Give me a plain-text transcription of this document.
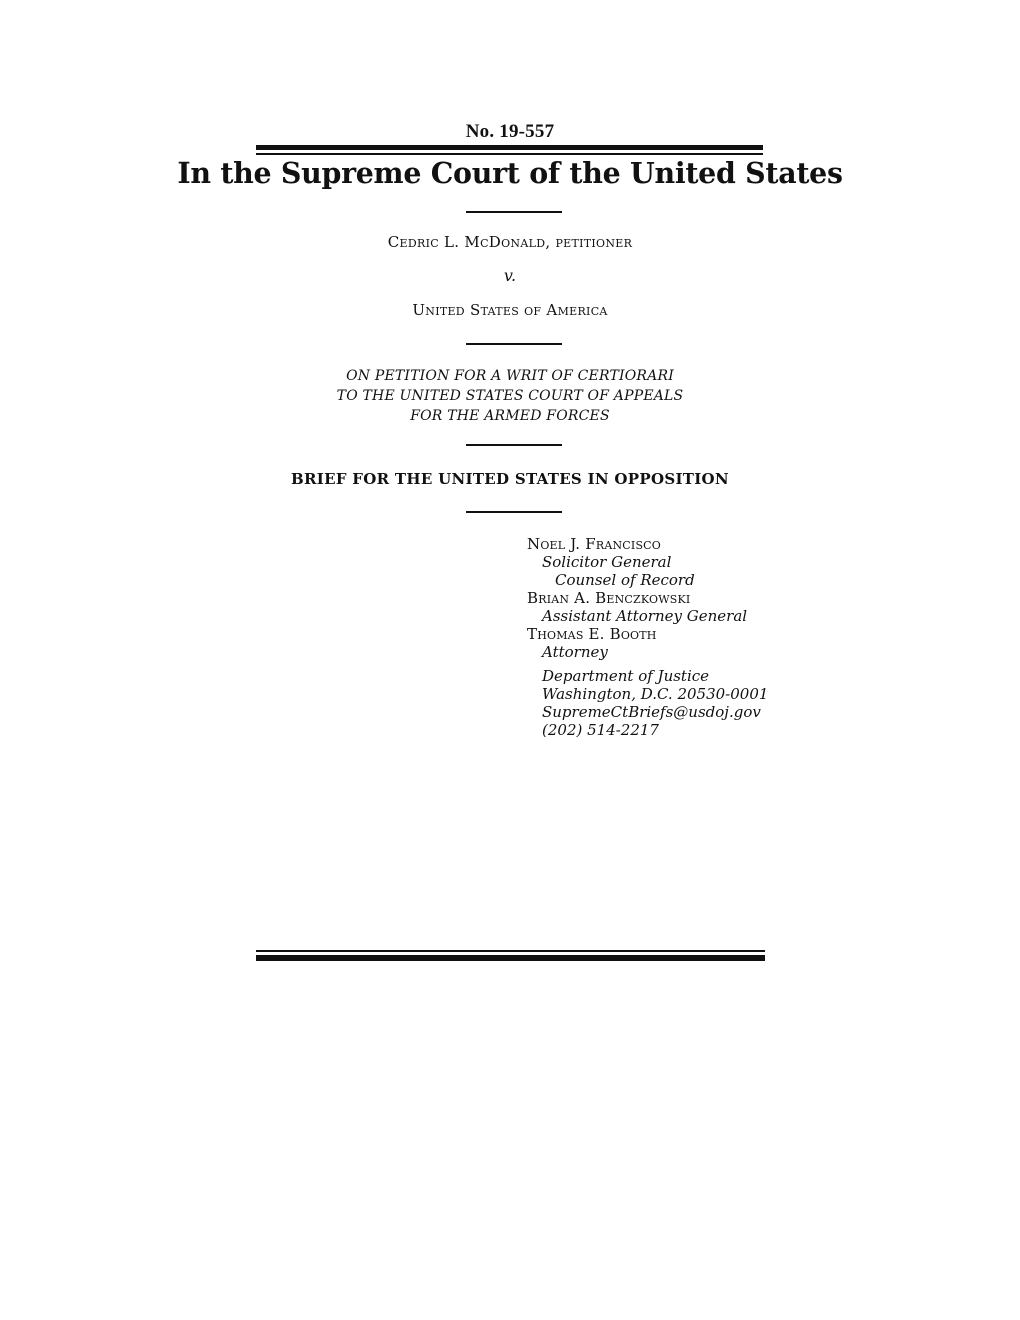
No. 19-557
In the Supreme Court of the United States
Cedric L. McDonald, petitioner
v.
United States of America
ON PETITION FOR A WRIT OF CERTIORARI
TO THE UNITED STATES COURT OF APPEALS
FOR THE ARMED FORCES
BRIEF FOR THE UNITED STATES IN OPPOSITION
Noel J. Francisco
Solicitor General
Counsel of Record
Brian A. Benczkowski
Assistant Attorney General
Thomas E. Booth
Attorney
Department of Justice
Washington, D.C. 20530-0001
SupremeCtBriefs@usdoj.gov
(202) 514-2217
